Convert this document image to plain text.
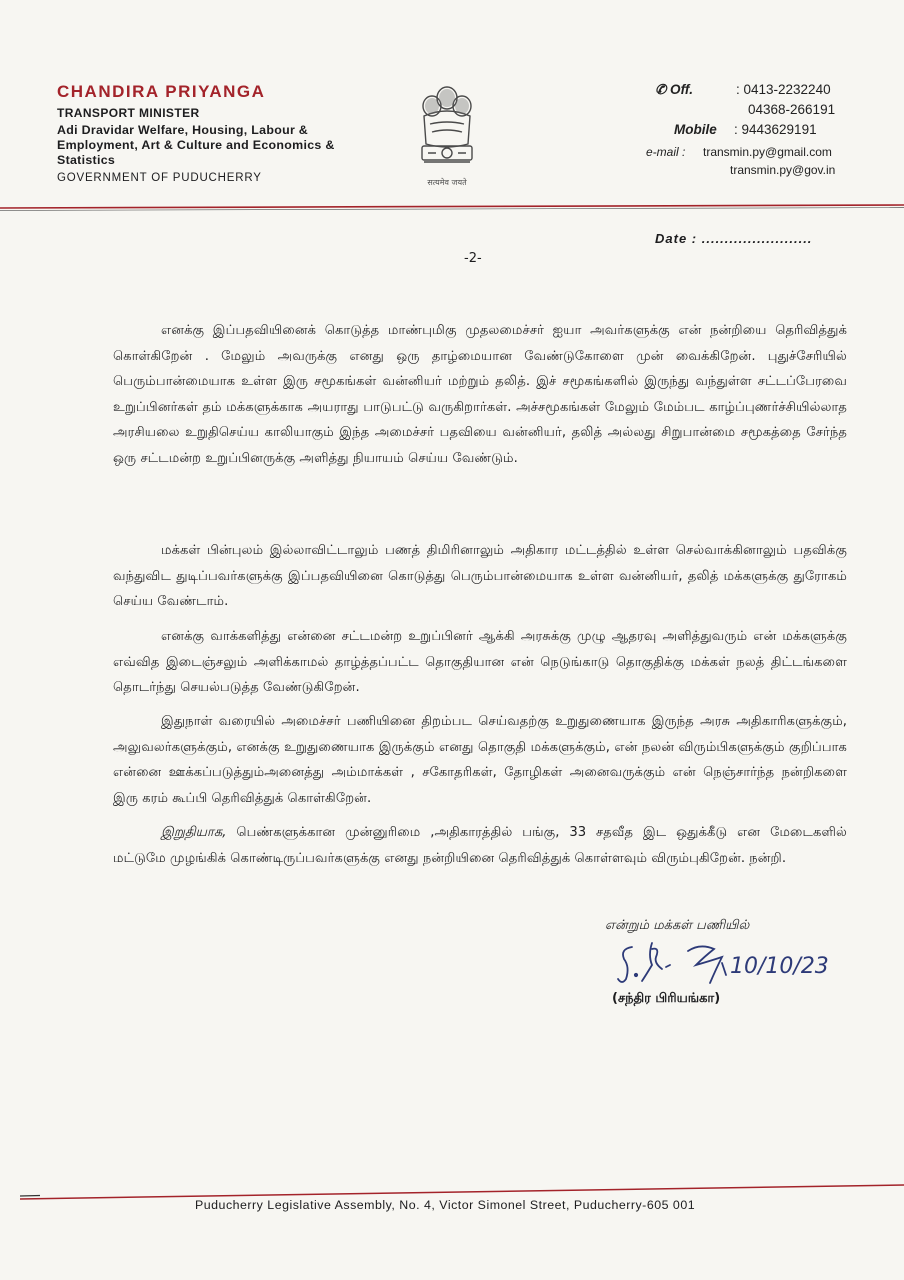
CHANDIRA PRIYANGA

TRANSPORT MINISTER

Adi Dravidar Welfare, Housing, Labour &
Employment, Art & Culture and Economics &
Statistics

GOVERNMENT OF PUDUCHERRY	सत्यमेव जयते
✆ Off.	: 0413-2232240
04368-266191
Mobile : 9443629191
e-mail : transmin.py@gmail.com
transmin.py@gov.in
Date : ........................
-2-

எனக்கு இப்பதவியினைக் கொடுத்த மாண்புமிகு முதலமைச்சர் ஐயா அவர்களுக்கு என் நன்றியை தெரிவித்துக் கொள்கிறேன் . மேலும் அவருக்கு எனது ஒரு தாழ்மையான வேண்டுகோளை முன் வைக்கிறேன். புதுச்சேரியில் பெரும்பான்மையாக உள்ள இரு சமூகங்கள் வன்னியர் மற்றும் தலித். இச் சமூகங்களில் இருந்து வந்துள்ள சட்டப்பேரவை உறுப்பினர்கள் தம் மக்களுக்காக அயராது பாடுபட்டு வருகிறார்கள். அச்சமூகங்கள் மேலும் மேம்பட காழ்ப்புணர்ச்சியில்லாத அரசியலை உறுதிசெய்ய காலியாகும் இந்த அமைச்சர் பதவியை வன்னியர், தலித் அல்லது சிறுபான்மை சமூகத்தை சேர்ந்த ஒரு சட்டமன்ற உறுப்பினருக்கு அளித்து நியாயம் செய்ய வேண்டும்.

மக்கள் பின்புலம் இல்லாவிட்டாலும் பணத் திமிரினாலும் அதிகார மட்டத்தில் உள்ள செல்வாக்கினாலும் பதவிக்கு வந்துவிட துடிப்பவர்களுக்கு இப்பதவியினை கொடுத்து பெரும்பான்மையாக உள்ள வன்னியர், தலித் மக்களுக்கு துரோகம் செய்ய வேண்டாம்.

எனக்கு வாக்களித்து என்னை சட்டமன்ற உறுப்பினர் ஆக்கி அரசுக்கு முழு ஆதரவு அளித்துவரும் என் மக்களுக்கு எவ்வித இடைஞ்சலும் அளிக்காமல் தாழ்த்தப்பட்ட தொகுதியான என் நெடுங்காடு தொகுதிக்கு மக்கள் நலத் திட்டங்களை தொடர்ந்து செயல்படுத்த வேண்டுகிறேன்.

இதுநாள் வரையில் அமைச்சர் பணியினை திறம்பட செய்வதற்கு உறுதுணையாக இருந்த அரசு அதிகாரிகளுக்கும், அலுவலர்களுக்கும், எனக்கு உறுதுணையாக இருக்கும் எனது தொகுதி மக்களுக்கும், என் நலன் விரும்பிகளுக்கும் குறிப்பாக என்னை ஊக்கப்படுத்தும்அனைத்து அம்மாக்கள் , சகோதரிகள், தோழிகள் அனைவருக்கும் என் நெஞ்சார்ந்த நன்றிகளை இரு கரம் கூப்பி தெரிவித்துக் கொள்கிறேன்.

இறுதியாக, பெண்களுக்கான முன்னுரிமை ,அதிகாரத்தில் பங்கு, 33 சதவீத இட ஒதுக்கீடு என மேடைகளில் மட்டுமே முழங்கிக் கொண்டிருப்பவர்களுக்கு எனது நன்றியினை தெரிவித்துக் கொள்ளவும் விரும்புகிறேன். நன்றி.

என்றும் மக்கள் பணியில்
10/10/23
(சந்திர பிரியங்கா)
Puducherry Legislative Assembly, No. 4, Victor Simonel Street, Puducherry-605 001
